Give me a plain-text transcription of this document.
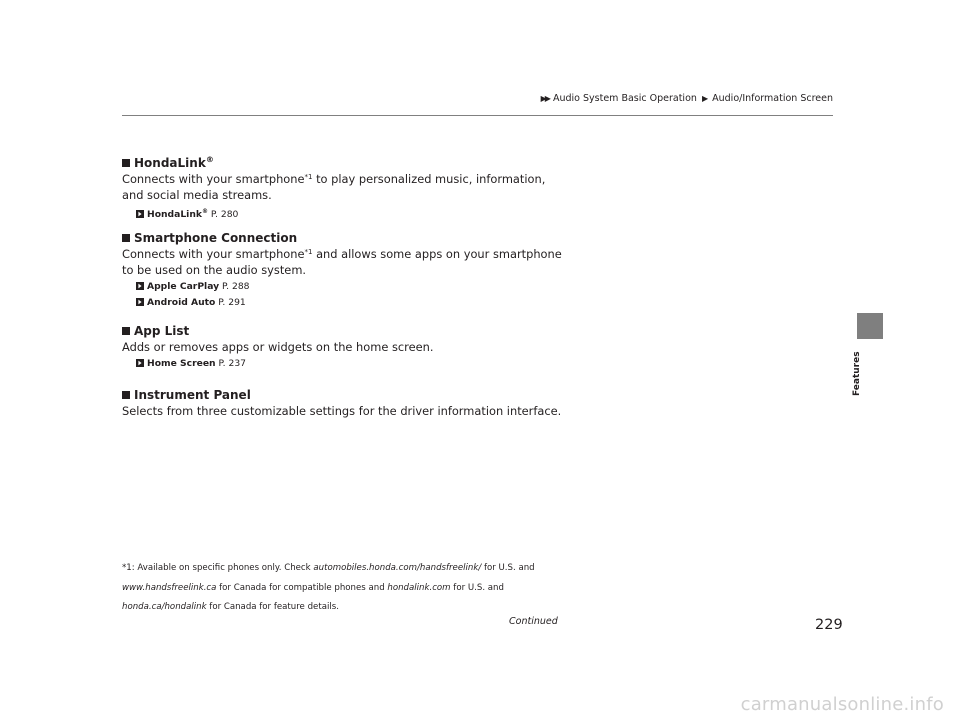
▶▶ Audio System Basic Operation ▶ Audio/Information Screen
Features

HondaLink®

Connects with your smartphone$^{*1}$ to play personalized music, information, and social media streams.

HondaLink® P. 280

Smartphone Connection

Connects with your smartphone$^{*1}$ and allows some apps on your smartphone to be used on the audio system.

Apple CarPlay P. 288

Android Auto P. 291

App List

Adds or removes apps or widgets on the home screen.

Home Screen P. 237

Instrument Panel

Selects from three customizable settings for the driver information interface.

*1: Available on specific phones only. Check automobiles.honda.com/handsfreelink/ for U.S. and www.handsfreelink.ca for Canada for compatible phones and hondalink.com for U.S. and honda.ca/hondalink for Canada for feature details.
Continued	229
carmanualsonline.info
